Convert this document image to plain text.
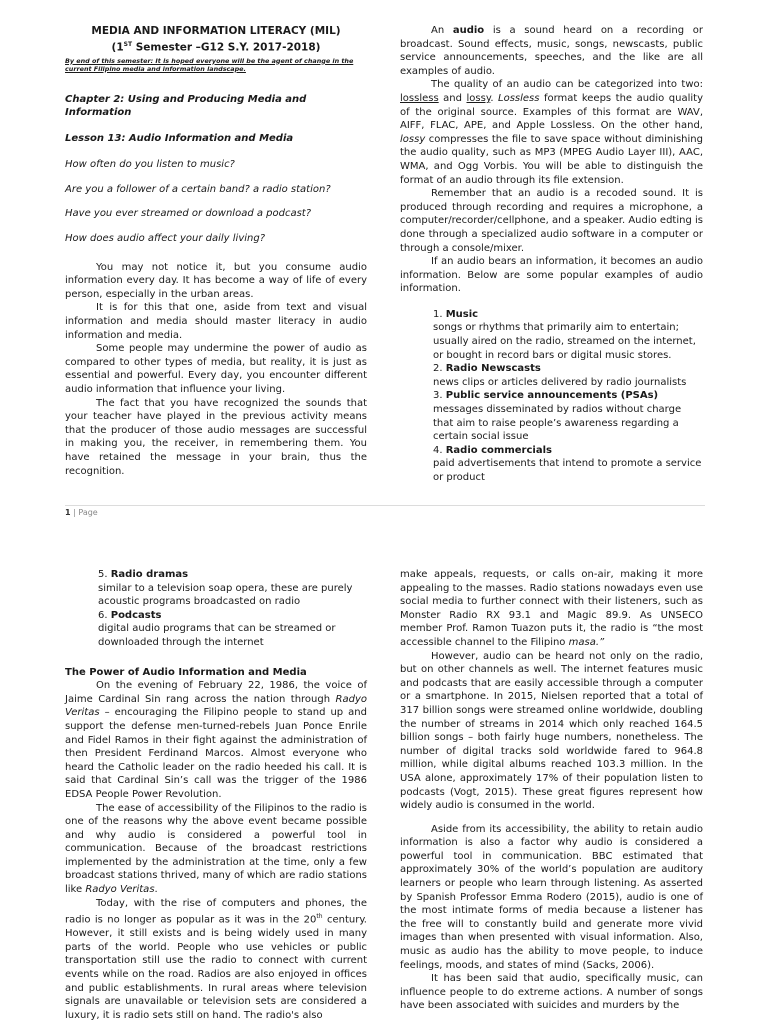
MEDIA AND INFORMATION LITERACY (MIL)
(1ST Semester –G12 S.Y. 2017-2018)
By end of this semester: It is hoped everyone will be the agent of change in the current Filipino media and information landscape.
Chapter 2: Using and Producing Media and Information
Lesson 13: Audio Information and Media
How often do you listen to music?
Are you a follower of a certain band? a radio station?
Have you ever streamed or download a podcast?
How does audio affect your daily living?
You may not notice it, but you consume audio information every day. It has become a way of life of every person, especially in the urban areas.
It is for this that one, aside from text and visual information and media should master literacy in audio information and media.
Some people may undermine the power of audio as compared to other types of media, but reality, it is just as essential and powerful. Every day, you encounter different audio information that influence your living.
The fact that you have recognized the sounds that your teacher have played in the previous activity means that the producer of those audio messages are successful in making you, the receiver, in remembering them. You have retained the message in your brain, thus the recognition.
An audio is a sound heard on a recording or broadcast. Sound effects, music, songs, newscasts, public service announcements, speeches, and the like are all examples of audio.
The quality of an audio can be categorized into two: lossless and lossy. Lossless format keeps the audio quality of the original source. Examples of this format are WAV, AIFF, FLAC, APE, and Apple Lossless. On the other hand, lossy compresses the file to save space without diminishing the audio quality, such as MP3 (MPEG Audio Layer III), AAC, WMA, and Ogg Vorbis. You will be able to distinguish the format of an audio through its file extension.
Remember that an audio is a recoded sound. It is produced through recording and requires a microphone, a computer/recorder/cellphone, and a speaker. Audio edting is done through a specialized audio software in a computer or through a console/mixer.
If an audio bears an information, it becomes an audio information. Below are some popular examples of audio information.
1. Music
songs or rhythms that primarily aim to entertain; usually aired on the radio, streamed on the internet, or bought in record bars or digital music stores.
2. Radio Newscasts
news clips or articles delivered by radio journalists
3. Public service announcements (PSAs)
messages disseminated by radios without charge that aim to raise people’s awareness regarding a certain social issue
4. Radio commercials
paid advertisements that intend to promote a service or product
1 | Page
5. Radio dramas
similar to a television soap opera, these are purely acoustic programs broadcasted on radio
6. Podcasts
digital audio programs that can be streamed or downloaded through the internet
The Power of Audio Information and Media
On the evening of February 22, 1986, the voice of Jaime Cardinal Sin rang across the nation through Radyo Veritas – encouraging the Filipino people to stand up and support the defense men-turned-rebels Juan Ponce Enrile and Fidel Ramos in their fight against the administration of then President Ferdinand Marcos. Almost everyone who heard the Catholic leader on the radio heeded his call. It is said that Cardinal Sin’s call was the trigger of the 1986 EDSA People Power Revolution.
The ease of accessibility of the Filipinos to the radio is one of the reasons why the above event became possible and why audio is considered a powerful tool in communication. Because of the broadcast restrictions implemented by the administration at the time, only a few broadcast stations thrived, many of which are radio stations like Radyo Veritas.
Today, with the rise of computers and phones, the radio is no longer as popular as it was in the 20th century. However, it still exists and is being widely used in many parts of the world. People who use vehicles or public transportation still use the radio to connect with current events while on the road. Radios are also enjoyed in offices and public establishments. In rural areas where television signals are unavailable or television sets are considered a luxury, it is radio sets still on hand. The radio's also
make appeals, requests, or calls on-air, making it more appealing to the masses. Radio stations nowadays even use social media to further connect with their listeners, such as Monster Radio RX 93.1 and Magic 89.9. As UNSECO member Prof. Ramon Tuazon puts it, the radio is “the most accessible channel to the Filipino masa.”
However, audio can be heard not only on the radio, but on other channels as well. The internet features music and podcasts that are easily accessible through a computer or a smartphone. In 2015, Nielsen reported that a total of 317 billion songs were streamed online worldwide, doubling the number of streams in 2014 which only reached 164.5 billion songs – both fairly huge numbers, nonetheless. The number of digital tracks sold worldwide fared to 964.8 million, while digital albums reached 103.3 million. In the USA alone, approximately 17% of their population listen to podcasts (Vogt, 2015). These great figures represent how widely audio is consumed in the world.
Aside from its accessibility, the ability to retain audio information is also a factor why audio is considered a powerful tool in communication. BBC estimated that approximately 30% of the world’s population are auditory learners or people who learn through listening. As asserted by Spanish Professor Emma Rodero (2015), audio is one of the most intimate forms of media because a listener has the free will to constantly build and generate more vivid images than when presented with visual information. Also, music as audio has the ability to move people, to induce feelings, moods, and states of mind (Sacks, 2006).
It has been said that audio, specifically music, can influence people to do extreme actions. A number of songs have been associated with suicides and murders by the
